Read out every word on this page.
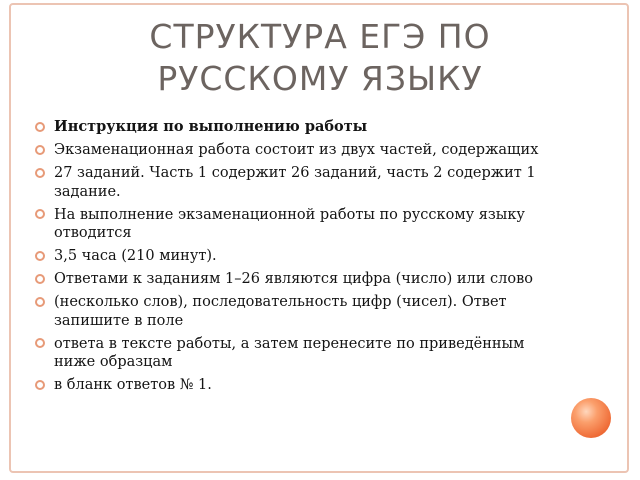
СТРУКТУРА ЕГЭ ПО
РУССКОМУ ЯЗЫКУ
Инструкция по выполнению работы
Экзаменационная работа состоит из двух частей, содержащих
27 заданий. Часть 1 содержит 26 заданий, часть 2 содержит 1 задание.
На выполнение экзаменационной работы по русскому языку отводится
3,5 часа (210 минут).
Ответами к заданиям 1–26 являются цифра (число) или слово
(несколько слов), последовательность цифр (чисел). Ответ запишите в поле
ответа в тексте работы, а затем перенесите по приведённым ниже образцам
в бланк ответов № 1.
